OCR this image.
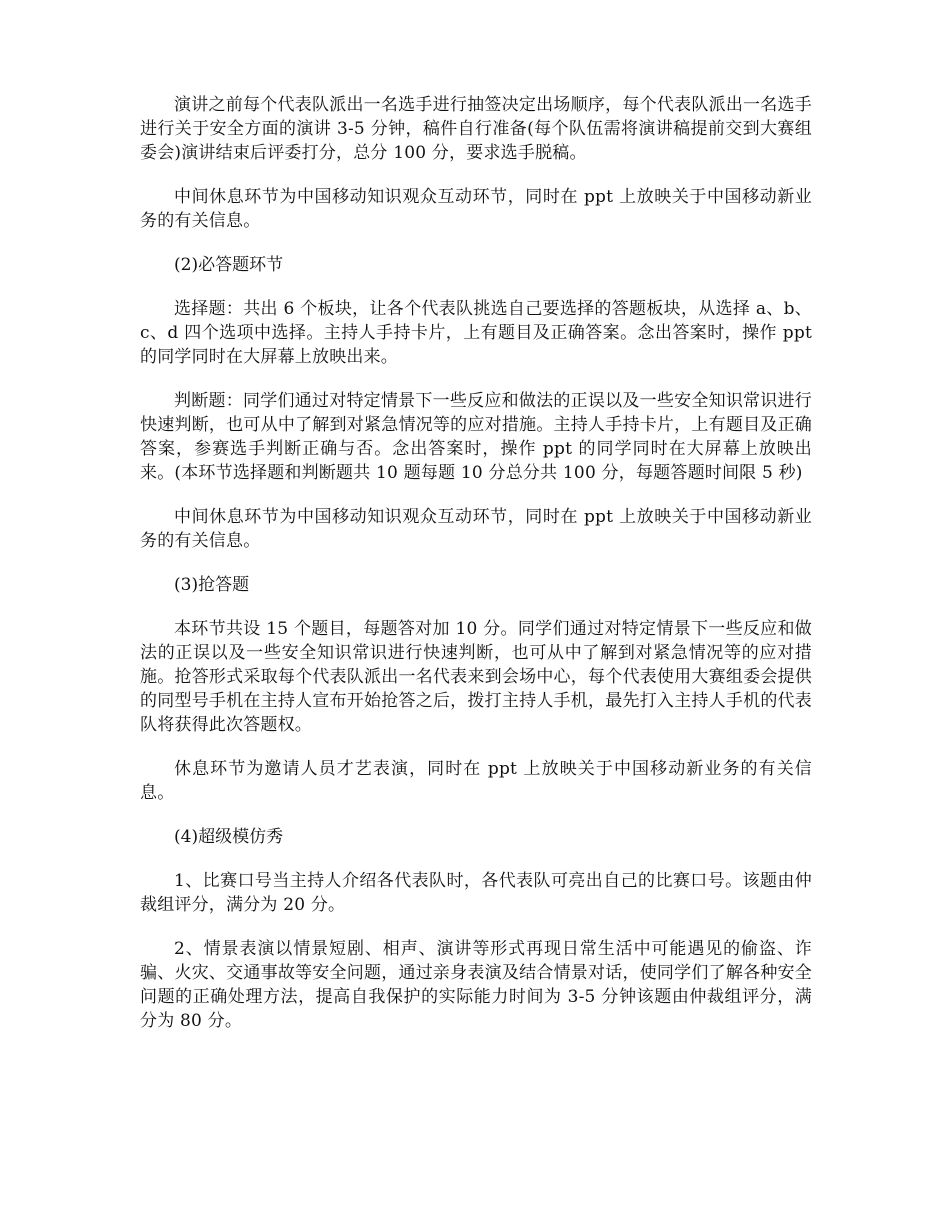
演讲之前每个代表队派出一名选手进行抽签决定出场顺序，每个代表队派出一名选手进行关于安全方面的演讲 3-5 分钟，稿件自行准备(每个队伍需将演讲稿提前交到大赛组委会)演讲结束后评委打分，总分 100 分，要求选手脱稿。

中间休息环节为中国移动知识观众互动环节，同时在 ppt 上放映关于中国移动新业务的有关信息。

(2)必答题环节

选择题：共出 6 个板块，让各个代表队挑选自己要选择的答题板块，从选择 a、b、c、d 四个选项中选择。主持人手持卡片，上有题目及正确答案。念出答案时，操作 ppt 的同学同时在大屏幕上放映出来。

判断题：同学们通过对特定情景下一些反应和做法的正误以及一些安全知识常识进行快速判断，也可从中了解到对紧急情况等的应对措施。主持人手持卡片，上有题目及正确答案，参赛选手判断正确与否。念出答案时，操作 ppt 的同学同时在大屏幕上放映出来。(本环节选择题和判断题共 10 题每题 10 分总分共 100 分，每题答题时间限 5 秒)

中间休息环节为中国移动知识观众互动环节，同时在 ppt 上放映关于中国移动新业务的有关信息。

(3)抢答题

本环节共设 15 个题目，每题答对加 10 分。同学们通过对特定情景下一些反应和做法的正误以及一些安全知识常识进行快速判断，也可从中了解到对紧急情况等的应对措施。抢答形式采取每个代表队派出一名代表来到会场中心，每个代表使用大赛组委会提供的同型号手机在主持人宣布开始抢答之后，拨打主持人手机，最先打入主持人手机的代表队将获得此次答题权。

休息环节为邀请人员才艺表演，同时在 ppt 上放映关于中国移动新业务的有关信息。

(4)超级模仿秀

1、比赛口号当主持人介绍各代表队时，各代表队可亮出自己的比赛口号。该题由仲裁组评分，满分为 20 分。

2、情景表演以情景短剧、相声、演讲等形式再现日常生活中可能遇见的偷盗、诈骗、火灾、交通事故等安全问题，通过亲身表演及结合情景对话，使同学们了解各种安全问题的正确处理方法，提高自我保护的实际能力时间为 3-5 分钟该题由仲裁组评分，满分为 80 分。
